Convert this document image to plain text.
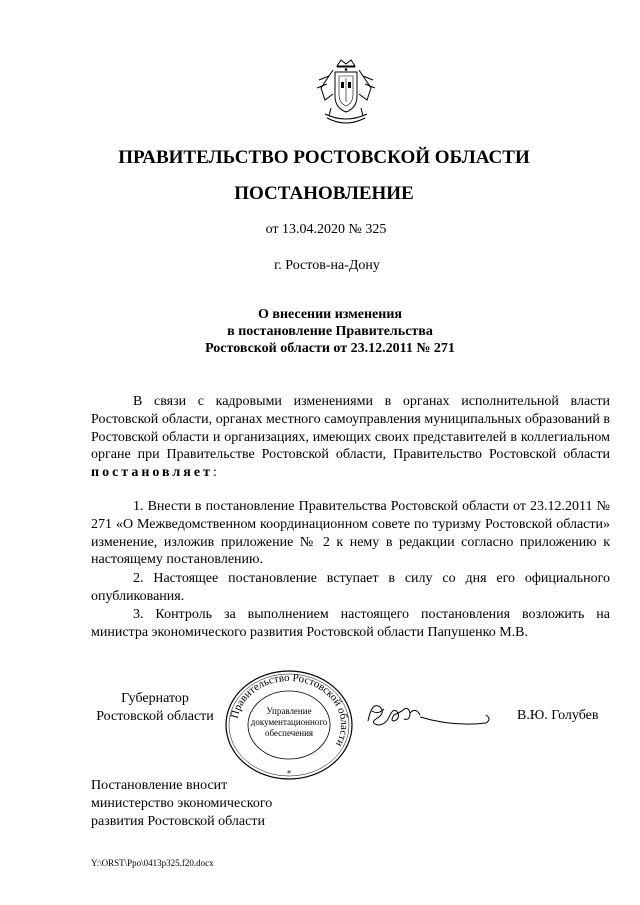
ПРАВИТЕЛЬСТВО РОСТОВСКОЙ ОБЛАСТИ
ПОСТАНОВЛЕНИЕ
от 13.04.2020 № 325
г. Ростов-на-Дону
О внесении изменения
в постановление Правительства
Ростовской области от 23.12.2011 № 271
В связи с кадровыми изменениями в органах исполнительной власти Ростовской области, органах местного самоуправления муниципальных образований в Ростовской области и организациях, имеющих своих представителей в коллегиальном органе при Правительстве Ростовской области, Правительство Ростовской области постановляет:
1. Внести в постановление Правительства Ростовской области от 23.12.2011 № 271 «О Межведомственном координационном совете по туризму Ростовской области» изменение, изложив приложение № 2 к нему в редакции согласно приложению к настоящему постановлению.
2. Настоящее постановление вступает в силу со дня его официального опубликования.
3. Контроль за выполнением настоящего постановления возложить на министра экономического развития Ростовской области Папушенко М.В.
Губернатор
Ростовской области	Правительство Ростовской области
Управление
документационного
обеспечения
*
В.Ю. Голубев
Постановление вносит
министерство экономического
развития Ростовской области
Y:\ORST\Ppo\0413p325.f20.docx
